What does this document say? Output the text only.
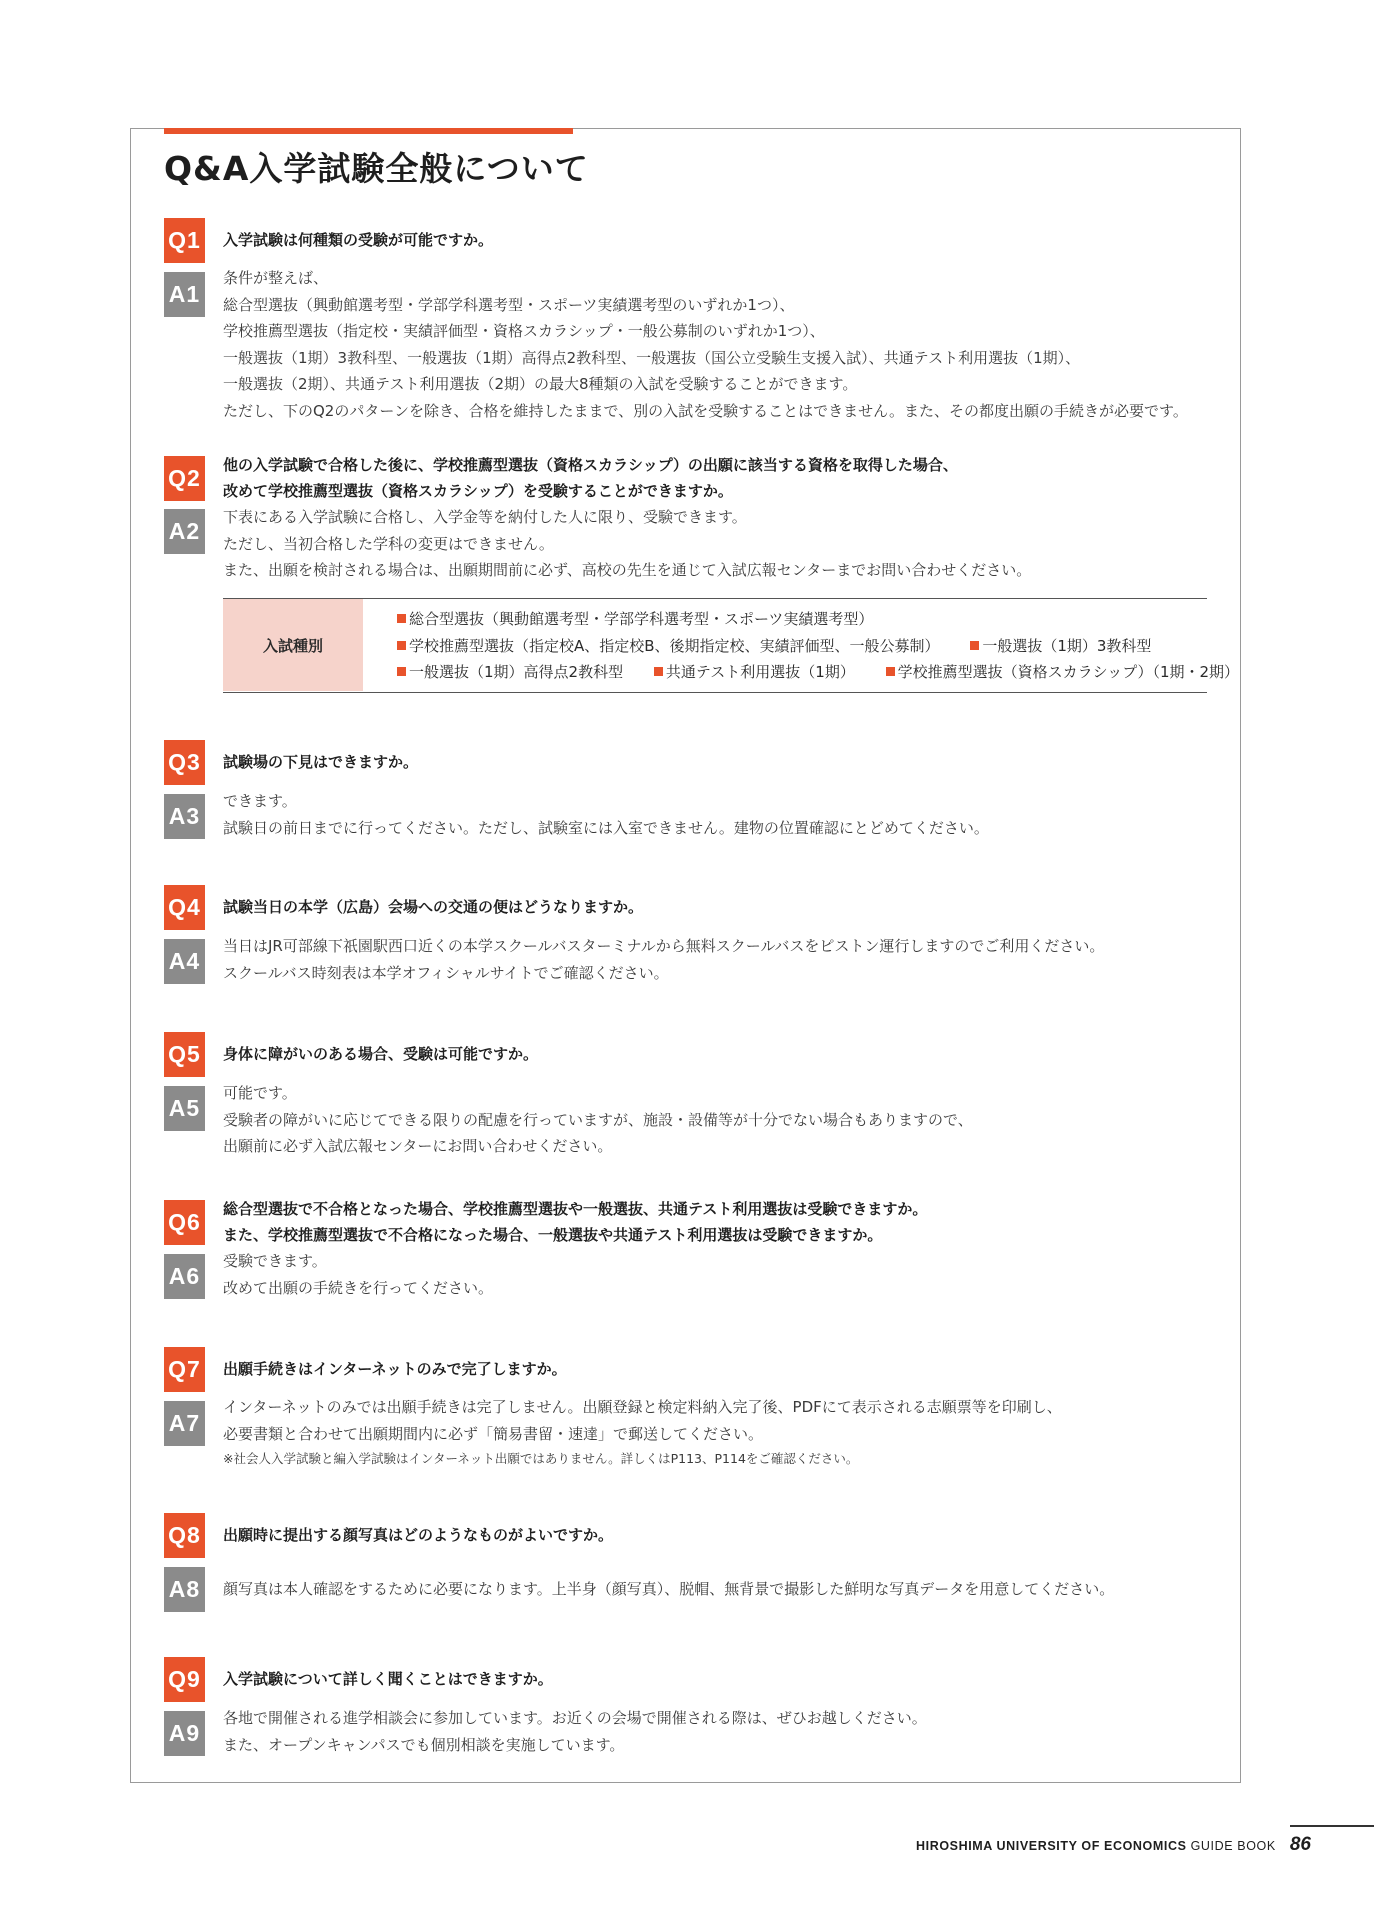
Q&A入学試験全般について
Q1 入学試験は何種類の受験が可能ですか。
A1
条件が整えば、
総合型選抜（興動館選考型・学部学科選考型・スポーツ実績選考型のいずれか1つ）、
学校推薦型選抜（指定校・実績評価型・資格スカラシップ・一般公募制のいずれか1つ）、
一般選抜（1期）3教科型、一般選抜（1期）高得点2教科型、一般選抜（国公立受験生支援入試）、共通テスト利用選抜（1期）、
一般選抜（2期）、共通テスト利用選抜（2期）の最大8種類の入試を受験することができます。
ただし、下のQ2のパターンを除き、合格を維持したままで、別の入試を受験することはできません。また、その都度出願の手続きが必要です。
Q2 他の入学試験で合格した後に、学校推薦型選抜（資格スカラシップ）の出願に該当する資格を取得した場合、
改めて学校推薦型選抜（資格スカラシップ）を受験することができますか。
A2
下表にある入学試験に合格し、入学金等を納付した人に限り、受験できます。
ただし、当初合格した学科の変更はできません。
また、出願を検討される場合は、出願期間前に必ず、高校の先生を通じて入試広報センターまでお問い合わせください。
入試種別
総合型選抜（興動館選考型・学部学科選考型・スポーツ実績選考型）
学校推薦型選抜（指定校A、指定校B、後期指定校、実績評価型、一般公募制）	一般選抜（1期）3教科型
一般選抜（1期）高得点2教科型	共通テスト利用選抜（1期）	学校推薦型選抜（資格スカラシップ）（1期・2期）
Q3 試験場の下見はできますか。
A3
できます。
試験日の前日までに行ってください。ただし、試験室には入室できません。建物の位置確認にとどめてください。
Q4 試験当日の本学（広島）会場への交通の便はどうなりますか。
A4
当日はJR可部線下祇園駅西口近くの本学スクールバスターミナルから無料スクールバスをピストン運行しますのでご利用ください。
スクールバス時刻表は本学オフィシャルサイトでご確認ください。
Q5 身体に障がいのある場合、受験は可能ですか。
A5
可能です。
受験者の障がいに応じてできる限りの配慮を行っていますが、施設・設備等が十分でない場合もありますので、
出願前に必ず入試広報センターにお問い合わせください。
Q6 総合型選抜で不合格となった場合、学校推薦型選抜や一般選抜、共通テスト利用選抜は受験できますか。
また、学校推薦型選抜で不合格になった場合、一般選抜や共通テスト利用選抜は受験できますか。
A6
受験できます。
改めて出願の手続きを行ってください。
Q7 出願手続きはインターネットのみで完了しますか。
A7
インターネットのみでは出願手続きは完了しません。出願登録と検定料納入完了後、PDFにて表示される志願票等を印刷し、
必要書類と合わせて出願期間内に必ず「簡易書留・速達」で郵送してください。
※社会人入学試験と編入学試験はインターネット出願ではありません。詳しくはP113、P114をご確認ください。
Q8 出願時に提出する顔写真はどのようなものがよいですか。
A8	顔写真は本人確認をするために必要になります。上半身（顔写真）、脱帽、無背景で撮影した鮮明な写真データを用意してください。
Q9 入学試験について詳しく聞くことはできますか。
A9
各地で開催される進学相談会に参加しています。お近くの会場で開催される際は、ぜひお越しください。
また、オープンキャンパスでも個別相談を実施しています。
HIROSHIMA UNIVERSITY OF ECONOMICS GUIDE BOOK 86
